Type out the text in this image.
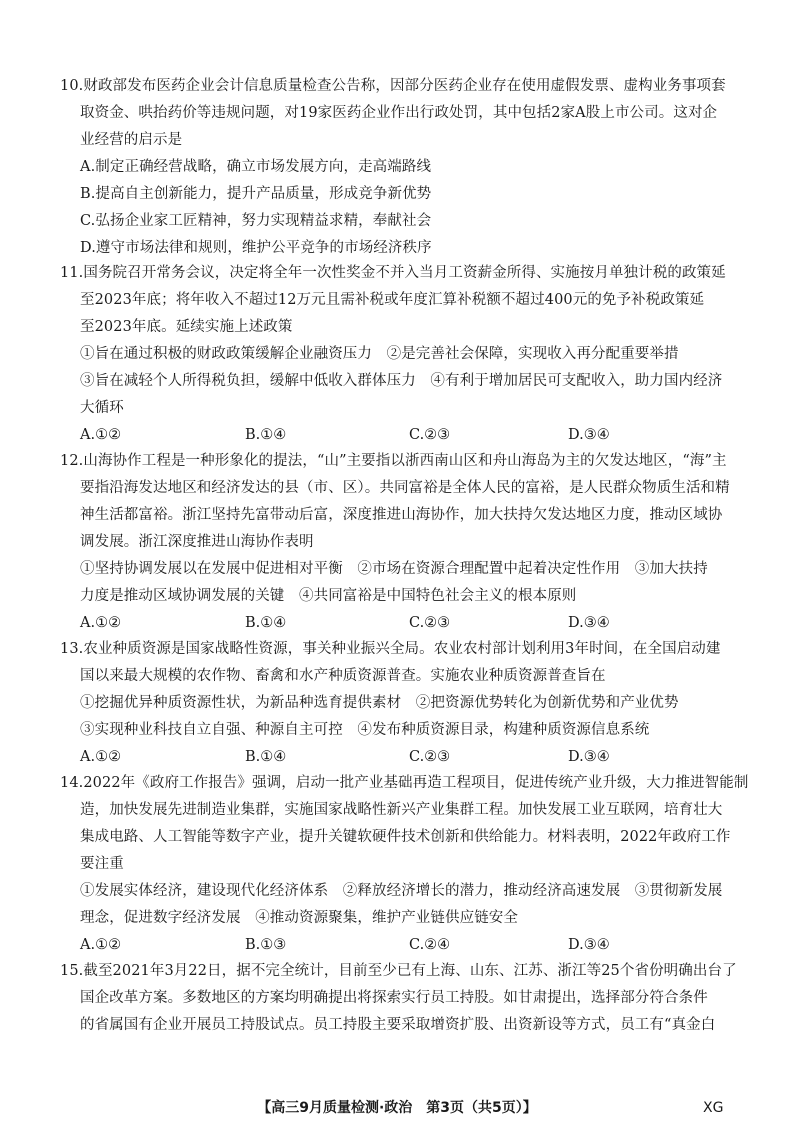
10.财政部发布医药企业会计信息质量检查公告称，因部分医药企业存在使用虚假发票、虚构业务事项套
取资金、哄抬药价等违规问题，对19家医药企业作出行政处罚，其中包括2家A股上市公司。这对企
业经营的启示是
A.制定正确经营战略，确立市场发展方向，走高端路线
B.提高自主创新能力，提升产品质量，形成竞争新优势
C.弘扬企业家工匠精神，努力实现精益求精，奉献社会
D.遵守市场法律和规则，维护公平竞争的市场经济秩序
11.国务院召开常务会议，决定将全年一次性奖金不并入当月工资薪金所得、实施按月单独计税的政策延
至2023年底；将年收入不超过12万元且需补税或年度汇算补税额不超过400元的免予补税政策延
至2023年底。延续实施上述政策
①旨在通过积极的财政政策缓解企业融资压力　②是完善社会保障，实现收入再分配重要举措
③旨在减轻个人所得税负担，缓解中低收入群体压力　④有利于增加居民可支配收入，助力国内经济
大循环
A.①②	B.①④	C.②③	D.③④
12.山海协作工程是一种形象化的提法，“山”主要指以浙西南山区和舟山海岛为主的欠发达地区，“海”主
要指沿海发达地区和经济发达的县（市、区）。共同富裕是全体人民的富裕，是人民群众物质生活和精
神生活都富裕。浙江坚持先富带动后富，深度推进山海协作，加大扶持欠发达地区力度，推动区域协
调发展。浙江深度推进山海协作表明
①坚持协调发展以在发展中促进相对平衡　②市场在资源合理配置中起着决定性作用　③加大扶持
力度是推动区域协调发展的关键　④共同富裕是中国特色社会主义的根本原则
A.①②	B.①④	C.②③	D.③④
13.农业种质资源是国家战略性资源，事关种业振兴全局。农业农村部计划利用3年时间，在全国启动建
国以来最大规模的农作物、畜禽和水产种质资源普查。实施农业种质资源普查旨在
①挖掘优异种质资源性状，为新品种选育提供素材　②把资源优势转化为创新优势和产业优势
③实现种业科技自立自强、种源自主可控　④发布种质资源目录，构建种质资源信息系统
A.①②	B.①④	C.②③	D.③④
14.2022年《政府工作报告》强调，启动一批产业基础再造工程项目，促进传统产业升级，大力推进智能制
造，加快发展先进制造业集群，实施国家战略性新兴产业集群工程。加快发展工业互联网，培育壮大
集成电路、人工智能等数字产业，提升关键软硬件技术创新和供给能力。材料表明，2022年政府工作
要注重
①发展实体经济，建设现代化经济体系　②释放经济增长的潜力，推动经济高速发展　③贯彻新发展
理念，促进数字经济发展　④推动资源聚集，维护产业链供应链安全
A.①②	B.①③	C.②④	D.③④
15.截至2021年3月22日，据不完全统计，目前至少已有上海、山东、江苏、浙江等25个省份明确出台了
国企改革方案。多数地区的方案均明确提出将探索实行员工持股。如甘肃提出，选择部分符合条件
的省属国有企业开展员工持股试点。员工持股主要采取增资扩股、出资新设等方式，员工有“真金白
【高三9月质量检测·政治　第3页（共5页）】	XG
